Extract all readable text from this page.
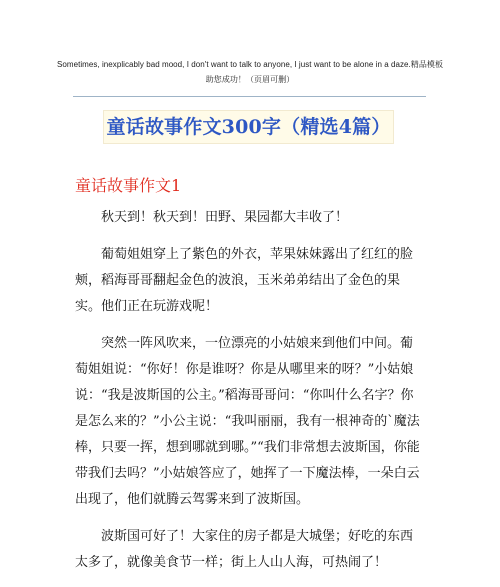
Sometimes, inexplicably bad mood, I don't want to talk to anyone, I just want to be alone in a daze.精品模板
助您成功！（页眉可删）
童话故事作文300字（精选4篇）
童话故事作文1

秋天到！秋天到！田野、果园都大丰收了！

葡萄姐姐穿上了紫色的外衣，苹果妹妹露出了红红的脸颊，稻海哥哥翻起金色的波浪，玉米弟弟结出了金色的果实。他们正在玩游戏呢！

突然一阵风吹来，一位漂亮的小姑娘来到他们中间。葡萄姐姐说：“你好！你是谁呀？你是从哪里来的呀？”小姑娘说：“我是波斯国的公主。”稻海哥哥问：“你叫什么名字？你是怎么来的？”小公主说：“我叫丽丽，我有一根神奇的`魔法棒，只要一挥，想到哪就到哪。”“我们非常想去波斯国，你能带我们去吗？”小姑娘答应了，她挥了一下魔法棒，一朵白云出现了，他们就腾云驾雾来到了波斯国。

波斯国可好了！大家住的房子都是大城堡；好吃的东西太多了，就像美食节一样；街上人山人海，可热闹了！
